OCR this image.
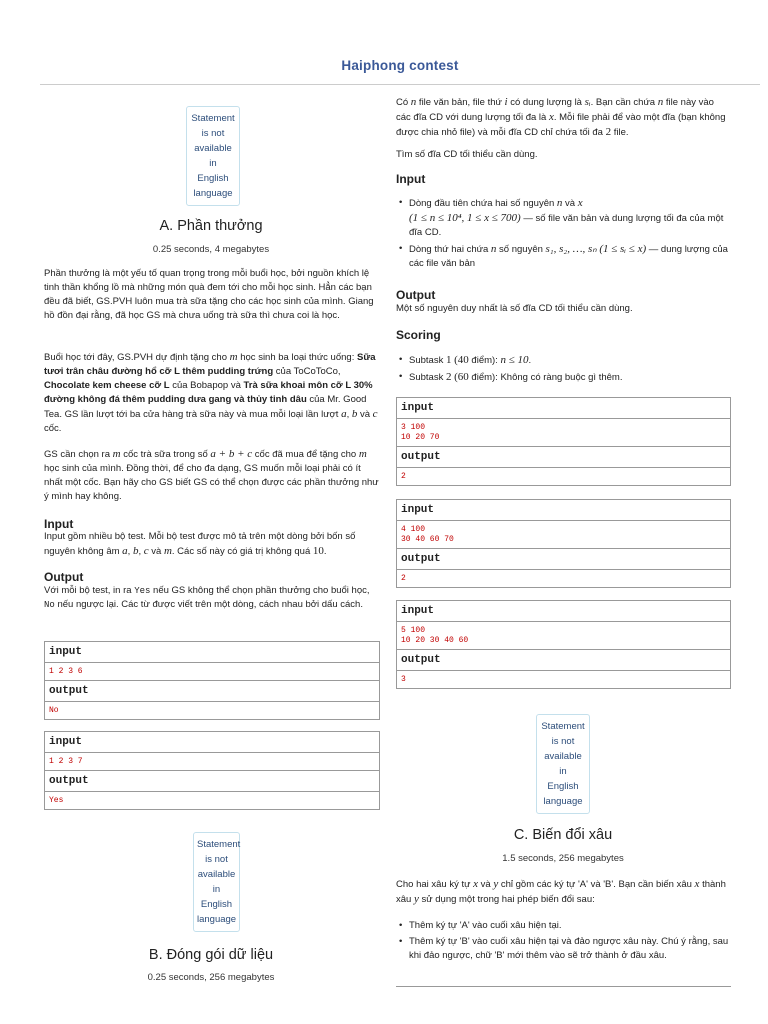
Haiphong contest
Statement
is not
available
in
English
language
A. Phần thưởng
0.25 seconds, 4 megabytes

Phần thưởng là một yếu tố quan trọng trong mỗi buổi học, bởi nguồn khích lệ tinh thần khổng lồ mà những món quà đem tới cho mỗi học sinh. Hẳn các bạn đều đã biết, GS.PVH luôn mua trà sữa tặng cho các học sinh của mình. Giang hồ đồn đại rằng, đã học GS mà chưa uống trà sữa thì chưa coi là học.

Buổi học tới đây, GS.PVH dự định tặng cho m học sinh ba loại thức uống: Sữa tươi trân châu đường hổ cỡ L thêm pudding trứng của ToCoToCo, Chocolate kem cheese cỡ L của Bobapop và Trà sữa khoai môn cỡ L 30% đường không đá thêm pudding dưa gang và thủy tinh dâu của Mr. Good Tea. GS lần lượt tới ba cửa hàng trà sữa này và mua mỗi loại lần lượt a, b và c cốc.

GS cần chọn ra m cốc trà sữa trong số a + b + c cốc đã mua để tặng cho m học sinh của mình. Đồng thời, để cho đa dạng, GS muốn mỗi loại phải có ít nhất một cốc. Bạn hãy cho GS biết GS có thể chọn được các phần thưởng như ý mình hay không.

Input

Input gồm nhiều bộ test. Mỗi bộ test được mô tả trên một dòng bởi bốn số nguyên không âm a, b, c và m. Các số này có giá trị không quá 10.

Output

Với mỗi bộ test, in ra Yes nếu GS không thể chọn phần thưởng cho buổi học, No nếu ngược lại. Các từ được viết trên một dòng, cách nhau bởi dấu cách.

input
1 2 3 6
output
No
input
1 2 3 7
output
Yes
Statement
is not
available
in
English
language
B. Đóng gói dữ liệu
0.25 seconds, 256 megabytes

Có n file văn bản, file thứ i có dung lượng là sᵢ. Bạn cần chứa n file này vào các đĩa CD với dung lượng tối đa là x. Mỗi file phải để vào một đĩa (bạn không được chia nhỏ file) và mỗi đĩa CD chỉ chứa tối đa 2 file.

Tìm số đĩa CD tối thiểu cần dùng.

Input
• Dòng đầu tiên chứa hai số nguyên n và x
(1 ≤ n ≤ 10⁴, 1 ≤ x ≤ 700) — số file văn bản và dung lượng tối đa của một đĩa CD.
• Dòng thứ hai chứa n số nguyên s₁, s₂, …, sₙ (1 ≤ sᵢ ≤ x) — dung lượng của các file văn bản
Output

Một số nguyên duy nhất là số đĩa CD tối thiểu cần dùng.

Scoring
• Subtask 1 (40 điểm): n ≤ 10.
• Subtask 2 (60 điểm): Không có ràng buộc gì thêm.
input
3 100
10 20 70
output
2
input
4 100
30 40 60 70
output
2
input
5 100
10 20 30 40 60
output
3
Statement
is not
available
in
English
language
C. Biến đổi xâu
1.5 seconds, 256 megabytes

Cho hai xâu ký tự x và y chỉ gồm các ký tự 'A' và 'B'. Bạn cần biến xâu x thành xâu y sử dụng một trong hai phép biến đổi sau:

• Thêm ký tự 'A' vào cuối xâu hiện tại.
• Thêm ký tự 'B' vào cuối xâu hiện tại và đảo ngược xâu này. Chú ý rằng, sau khi đảo ngược, chữ 'B' mới thêm vào sẽ trở thành ở đầu xâu.
